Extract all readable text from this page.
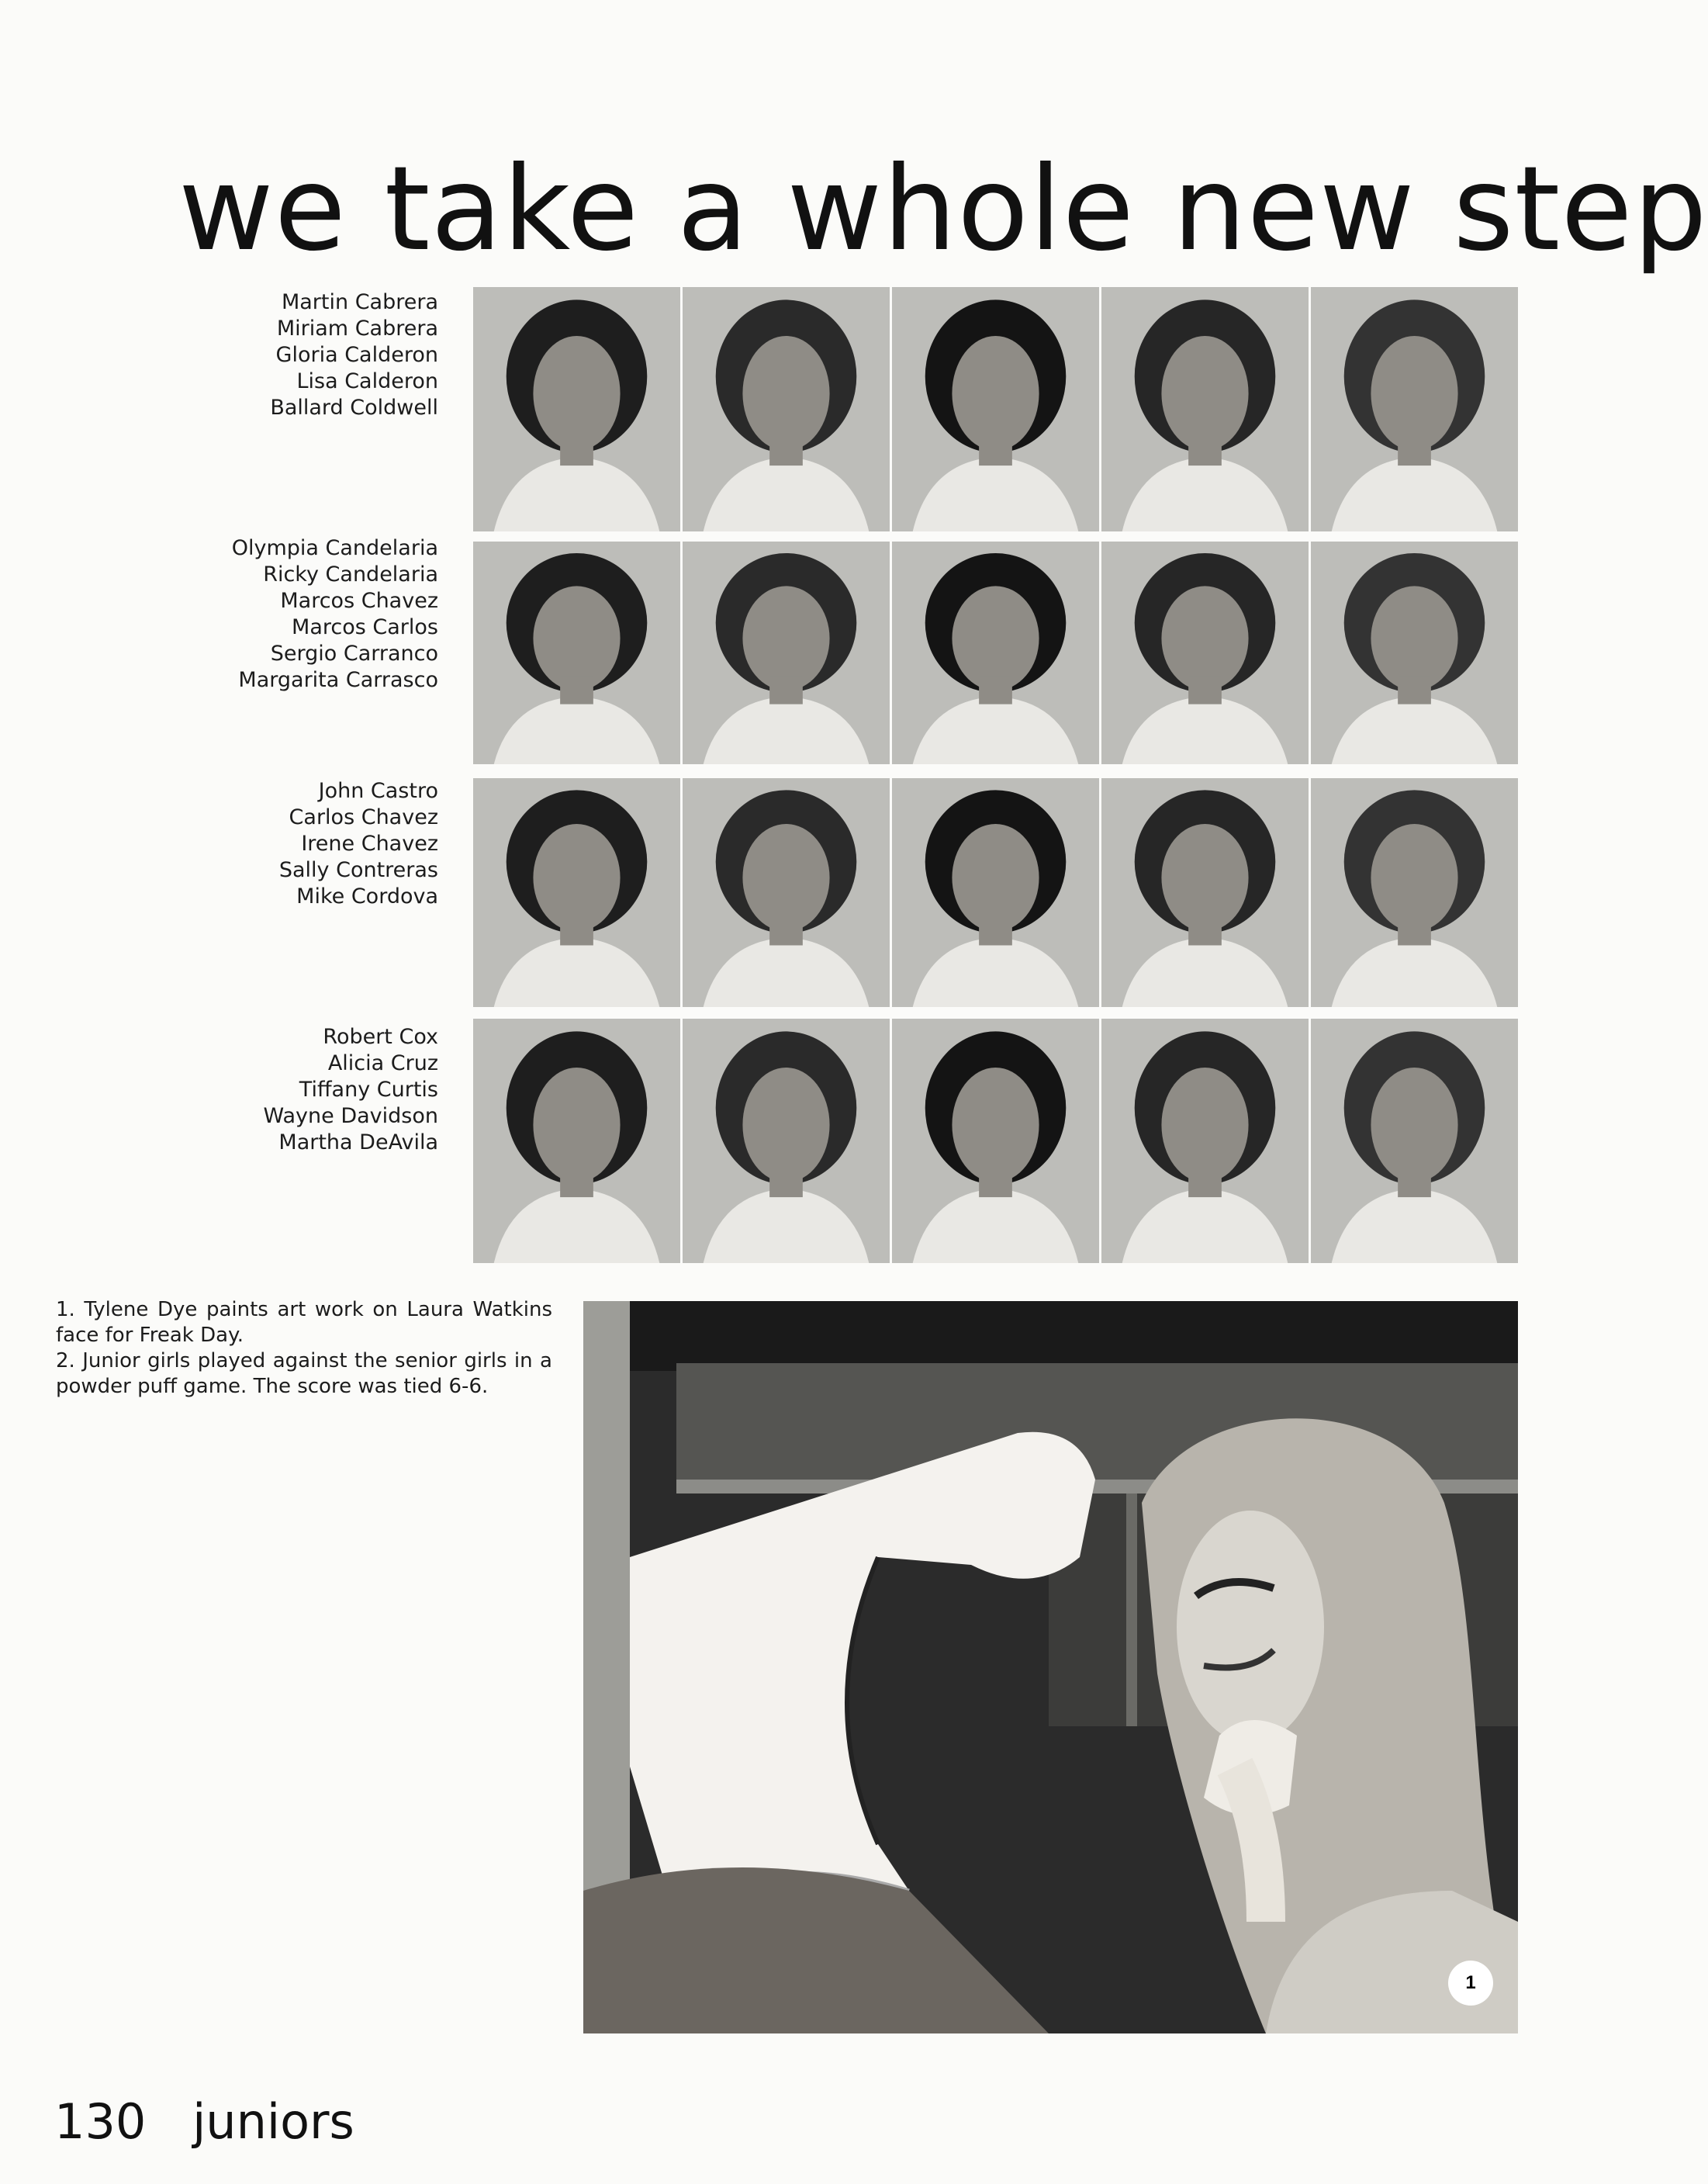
we take a whole new step
Martin Cabrera
Miriam Cabrera
Gloria Calderon
Lisa Calderon
Ballard Coldwell
Olympia Candelaria
Ricky Candelaria
Marcos Chavez
Marcos Carlos
Sergio Carranco
Margarita Carrasco
John Castro
Carlos Chavez
Irene Chavez
Sally Contreras
Mike Cordova
Robert Cox
Alicia Cruz
Tiffany Curtis
Wayne Davidson
Martha DeAvila
1. Tylene Dye paints art work on Laura Watkins face for Freak Day.
2. Junior girls played against the senior girls in a powder puff game. The score was tied 6-6.
1
130 juniors
